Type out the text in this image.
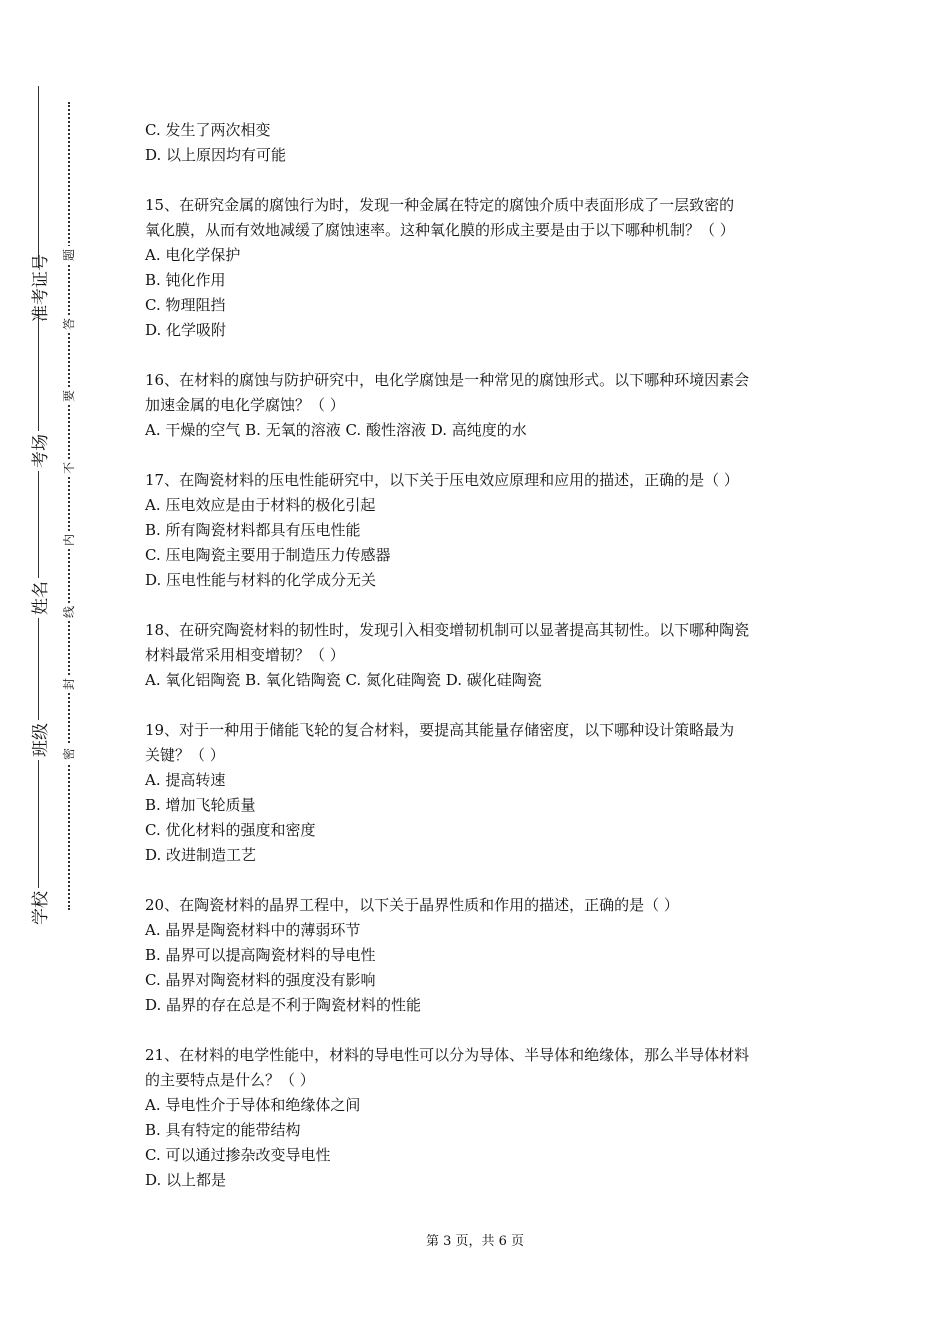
准考证号
考场
姓名
班级
学校
题
答
要
不
内
线
封
密
C. 发生了两次相变
D. 以上原因均有可能
15、在研究金属的腐蚀行为时，发现一种金属在特定的腐蚀介质中表面形成了一层致密的
氧化膜，从而有效地减缓了腐蚀速率。这种氧化膜的形成主要是由于以下哪种机制？（ ）
A. 电化学保护
B. 钝化作用
C. 物理阻挡
D. 化学吸附
16、在材料的腐蚀与防护研究中，电化学腐蚀是一种常见的腐蚀形式。以下哪种环境因素会
加速金属的电化学腐蚀？（ ）
A. 干燥的空气 B. 无氧的溶液 C. 酸性溶液 D. 高纯度的水
17、在陶瓷材料的压电性能研究中，以下关于压电效应原理和应用的描述，正确的是（ ）
A. 压电效应是由于材料的极化引起
B. 所有陶瓷材料都具有压电性能
C. 压电陶瓷主要用于制造压力传感器
D. 压电性能与材料的化学成分无关
18、在研究陶瓷材料的韧性时，发现引入相变增韧机制可以显著提高其韧性。以下哪种陶瓷
材料最常采用相变增韧？（ ）
A. 氧化铝陶瓷 B. 氧化锆陶瓷 C. 氮化硅陶瓷 D. 碳化硅陶瓷
19、对于一种用于储能飞轮的复合材料，要提高其能量存储密度，以下哪种设计策略最为
关键？（ ）
A. 提高转速
B. 增加飞轮质量
C. 优化材料的强度和密度
D. 改进制造工艺
20、在陶瓷材料的晶界工程中，以下关于晶界性质和作用的描述，正确的是（ ）
A. 晶界是陶瓷材料中的薄弱环节
B. 晶界可以提高陶瓷材料的导电性
C. 晶界对陶瓷材料的强度没有影响
D. 晶界的存在总是不利于陶瓷材料的性能
21、在材料的电学性能中，材料的导电性可以分为导体、半导体和绝缘体，那么半导体材料
的主要特点是什么？（ ）
A. 导电性介于导体和绝缘体之间
B. 具有特定的能带结构
C. 可以通过掺杂改变导电性
D. 以上都是
第 3 页，共 6 页
